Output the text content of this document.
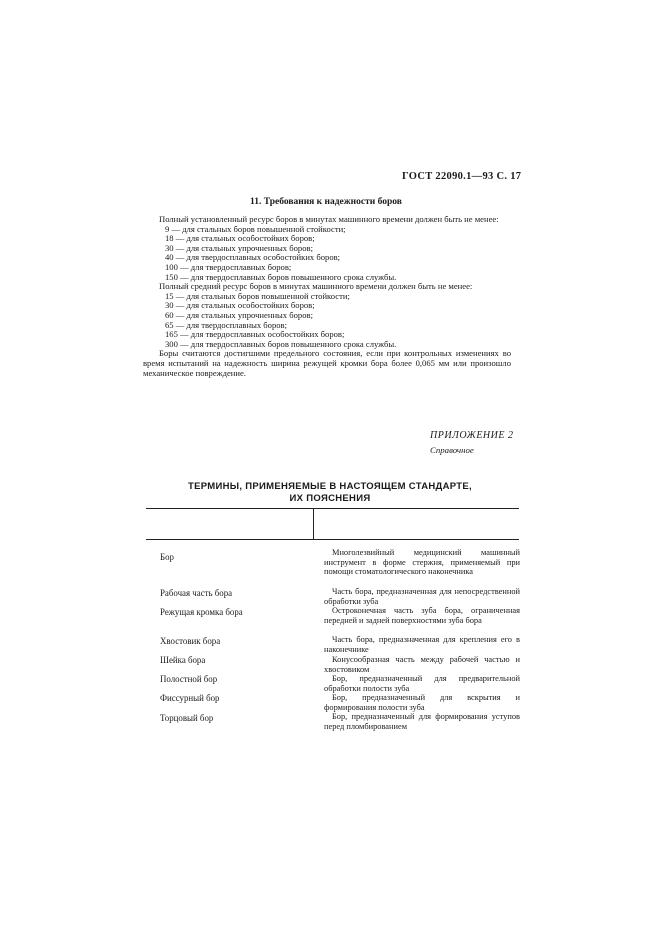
ГОСТ 22090.1—93 С. 17
11. Требования к надежности боров

Полный установленный ресурс боров в минутах машинного времени должен быть не менее:

9 — для стальных боров повышенной стойкости;
18 — для стальных особостойких боров;
30 — для стальных упрочненных боров;
40 — для твердосплавных особостойких боров;
100 — для твердосплавных боров;
150 — для твердосплавных боров повышенного срока службы.

Полный средний ресурс боров в минутах машинного времени должен быть не менее:

15 — для стальных боров повышенной стойкости;
30 — для стальных особостойких боров;
60 — для стальных упрочненных боров;
65 — для твердосплавных боров;
165 — для твердосплавных особостойких боров;
300 — для твердосплавных боров повышенного срока службы.

Боры считаются достигшими предельного состояния, если при контрольных изменениях во время испытаний на надежность ширина режущей кромки бора более 0,065 мм или произошло механическое повреждение.

ПРИЛОЖЕНИЕ 2
Справочное
ТЕРМИНЫ, ПРИМЕНЯЕМЫЕ В НАСТОЯЩЕМ СТАНДАРТЕ,
ИХ ПОЯСНЕНИЯ
Бор	Многолезвийный медицинский машинный инструмент в форме стержня, применяемый при помощи стоматологического наконечника
Рабочая часть бора	Часть бора, предназначенная для непосредственной обработки зуба
Режущая кромка бора	Остроконечная часть зуба бора, ограниченная передней и задней поверхностями зуба бора
Хвостовик бора	Часть бора, предназначенная для крепления его в наконечнике
Шейка бора	Конусообразная часть между рабочей частью и хвостовиком
Полостной бор	Бор, предназначенный для предварительной обработки полости зуба
Фиссурный бор	Бор, предназначенный для вскрытия и формирования полости зуба
Торцовый бор	Бор, предназначенный для формирования уступов перед пломбированием
